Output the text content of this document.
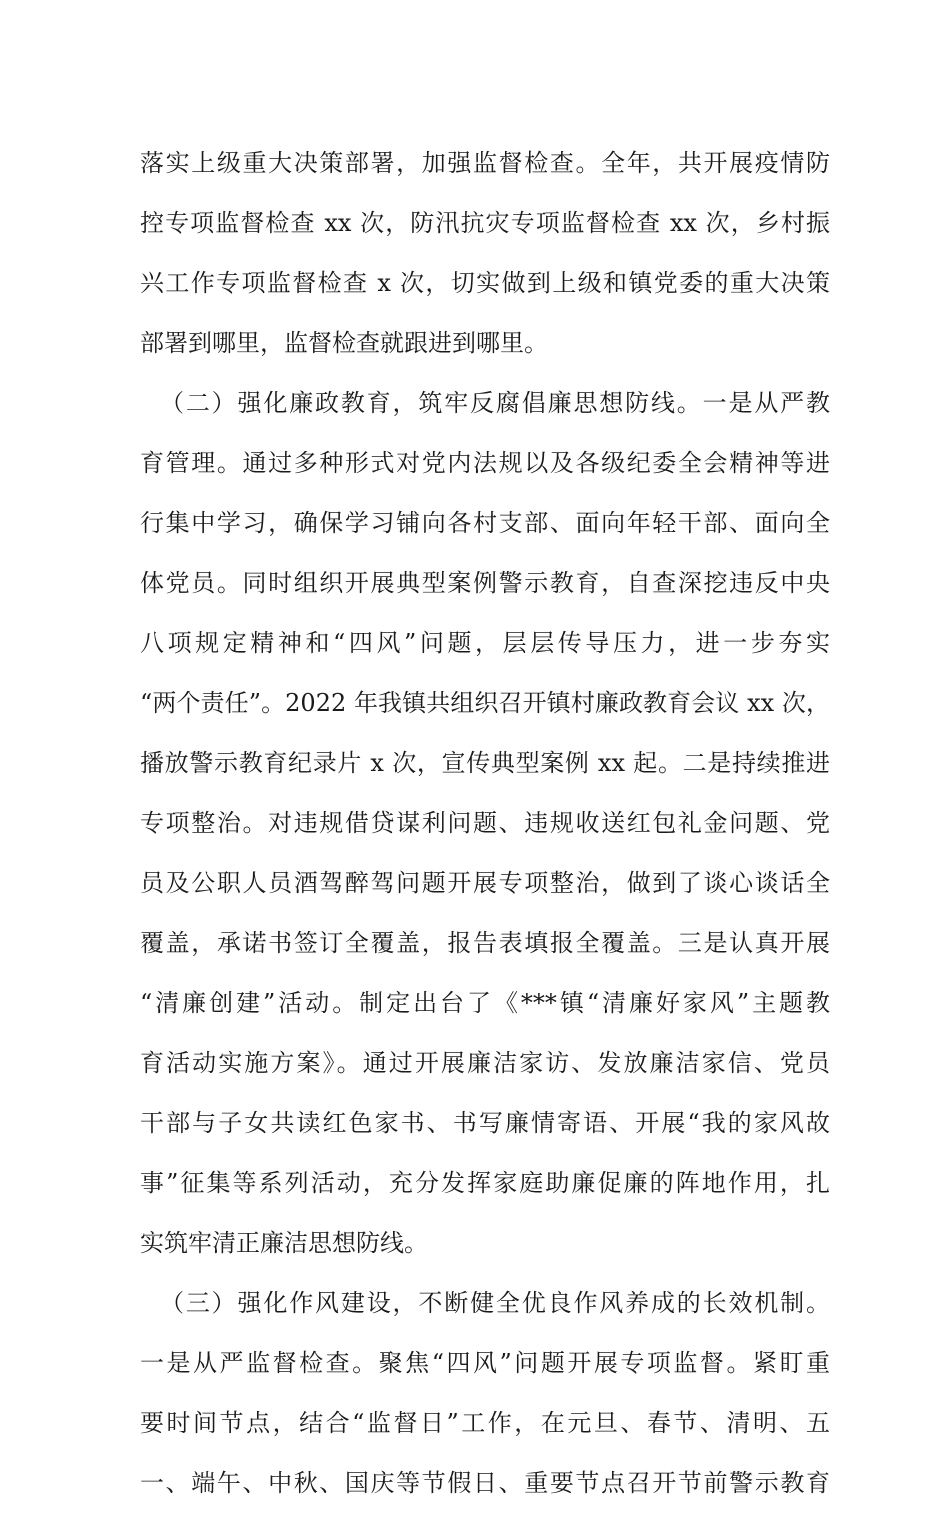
落实上级重大决策部署，加强监督检查。全年，共开展疫情防
控专项监督检查 xx 次，防汛抗灾专项监督检查 xx 次，乡村振
兴工作专项监督检查 x 次，切实做到上级和镇党委的重大决策
部署到哪里，监督检查就跟进到哪里。
（二）强化廉政教育，筑牢反腐倡廉思想防线。一是从严教
育管理。通过多种形式对党内法规以及各级纪委全会精神等进
行集中学习，确保学习铺向各村支部、面向年轻干部、面向全
体党员。同时组织开展典型案例警示教育，自查深挖违反中央
八项规定精神和“四风”问题，层层传导压力，进一步夯实
“两个责任”。2022 年我镇共组织召开镇村廉政教育会议 xx 次，
播放警示教育纪录片 x 次，宣传典型案例 xx 起。二是持续推进
专项整治。对违规借贷谋利问题、违规收送红包礼金问题、党
员及公职人员酒驾醉驾问题开展专项整治，做到了谈心谈话全
覆盖，承诺书签订全覆盖，报告表填报全覆盖。三是认真开展
“清廉创建”活动。制定出台了《***镇“清廉好家风”主题教
育活动实施方案》。通过开展廉洁家访、发放廉洁家信、党员
干部与子女共读红色家书、书写廉情寄语、开展“我的家风故
事”征集等系列活动，充分发挥家庭助廉促廉的阵地作用，扎
实筑牢清正廉洁思想防线。
（三）强化作风建设，不断健全优良作风养成的长效机制。
一是从严监督检查。聚焦“四风”问题开展专项监督。紧盯重
要时间节点，结合“监督日”工作，在元旦、春节、清明、五
一、端午、中秋、国庆等节假日、重要节点召开节前警示教育
